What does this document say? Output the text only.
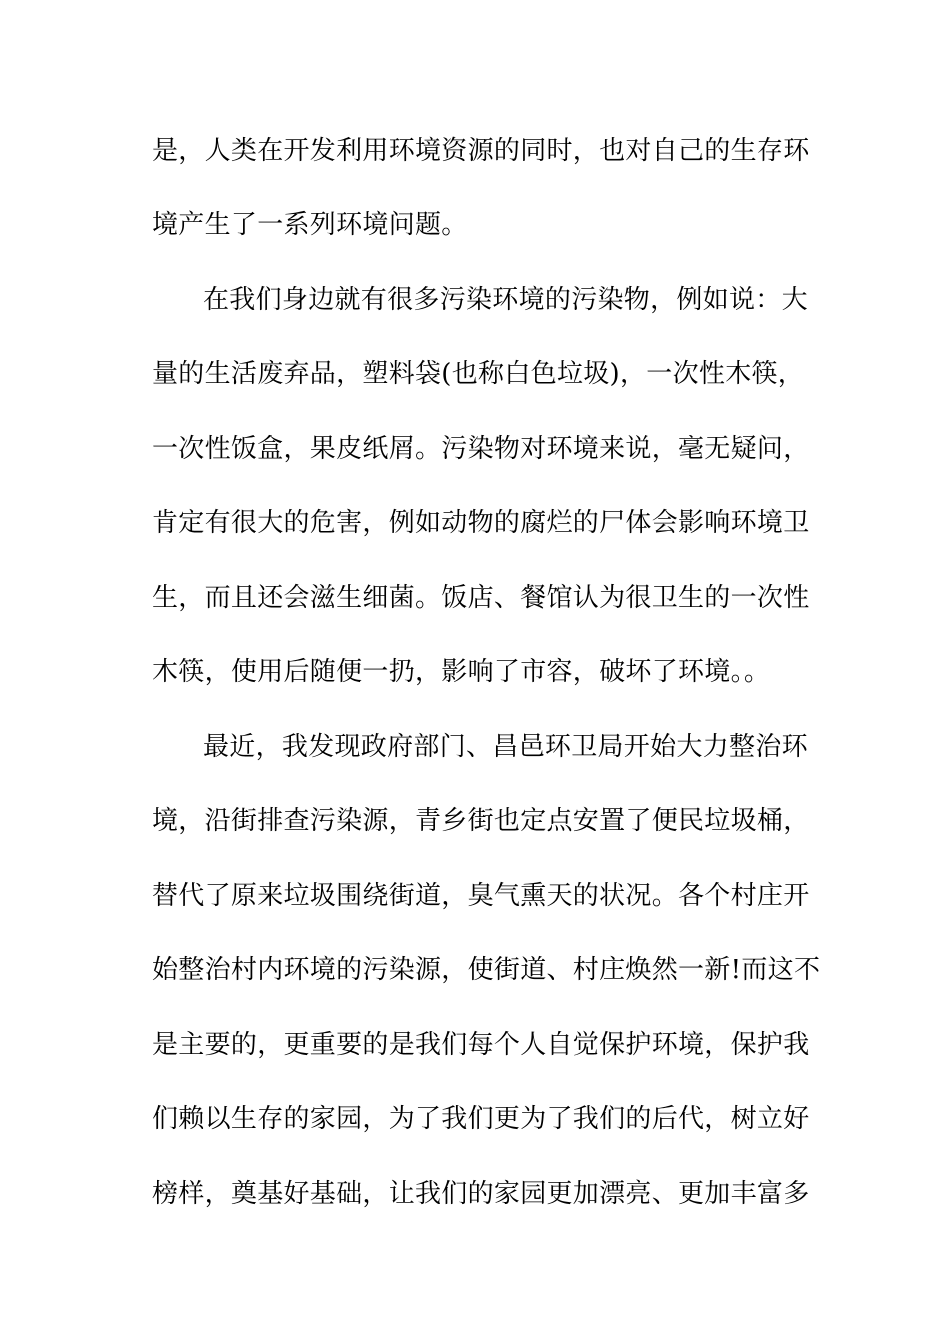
是，人类在开发利用环境资源的同时，也对自己的生存环
境产生了一系列环境问题。
在我们身边就有很多污染环境的污染物，例如说：大
量的生活废弃品，塑料袋(也称白色垃圾)，一次性木筷，
一次性饭盒，果皮纸屑。污染物对环境来说，毫无疑问，
肯定有很大的危害，例如动物的腐烂的尸体会影响环境卫
生，而且还会滋生细菌。饭店、餐馆认为很卫生的一次性
木筷，使用后随便一扔，影响了市容，破坏了环境。。
最近，我发现政府部门、昌邑环卫局开始大力整治环
境，沿街排查污染源，青乡街也定点安置了便民垃圾桶，
替代了原来垃圾围绕街道，臭气熏天的状况。各个村庄开
始整治村内环境的污染源，使街道、村庄焕然一新!而这不
是主要的，更重要的是我们每个人自觉保护环境，保护我
们赖以生存的家园，为了我们更为了我们的后代，树立好
榜样，奠基好基础，让我们的家园更加漂亮、更加丰富多
